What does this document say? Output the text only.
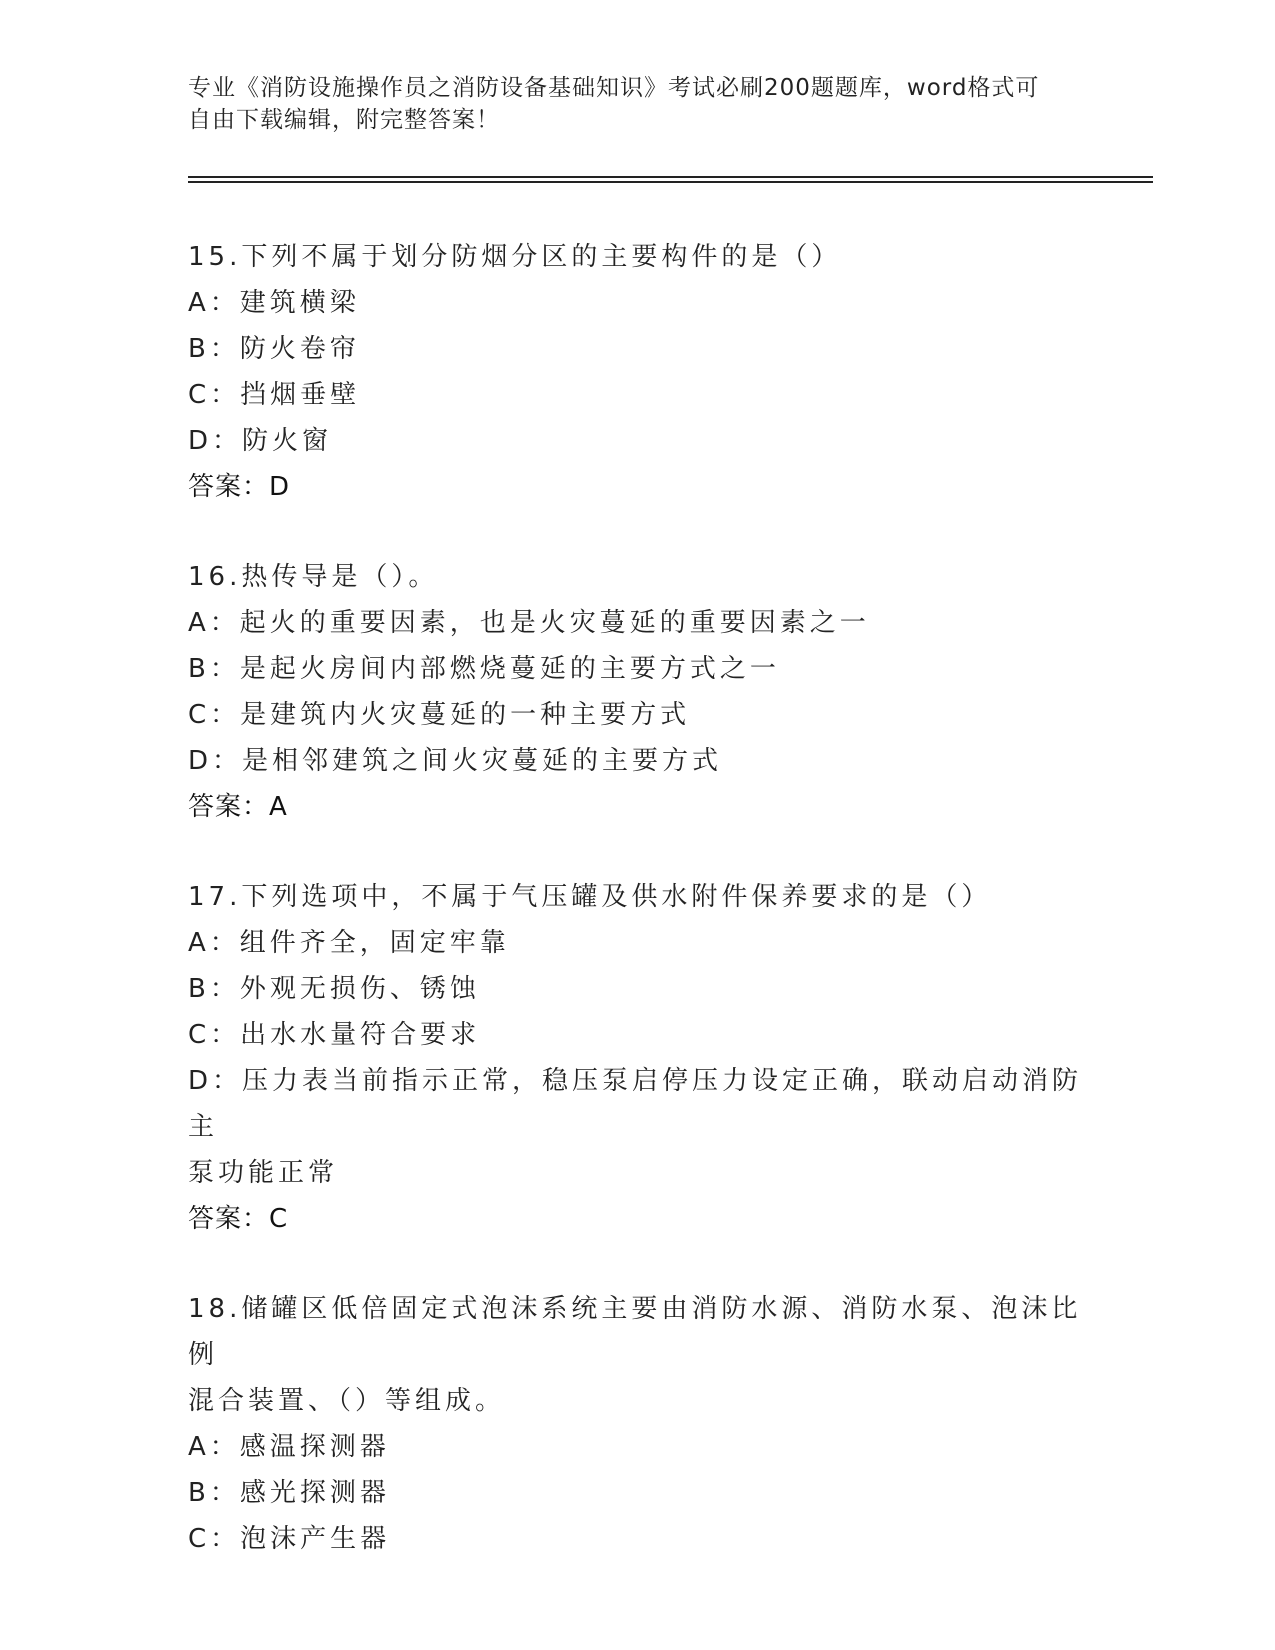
专业《消防设施操作员之消防设备基础知识》考试必刷200题题库，word格式可
自由下载编辑，附完整答案！

15.下列不属于划分防烟分区的主要构件的是（）

A：建筑横梁

B：防火卷帘

C：挡烟垂壁

D：防火窗

答案：D

16.热传导是（）。

A：起火的重要因素，也是火灾蔓延的重要因素之一

B：是起火房间内部燃烧蔓延的主要方式之一

C：是建筑内火灾蔓延的一种主要方式

D：是相邻建筑之间火灾蔓延的主要方式

答案：A

17.下列选项中，不属于气压罐及供水附件保养要求的是（）

A：组件齐全，固定牢靠

B：外观无损伤、锈蚀

C：出水水量符合要求

D：压力表当前指示正常，稳压泵启停压力设定正确，联动启动消防主

泵功能正常

答案：C

18.储罐区低倍固定式泡沫系统主要由消防水源、消防水泵、泡沫比例

混合装置、（）等组成。

A：感温探测器

B：感光探测器

C：泡沫产生器
